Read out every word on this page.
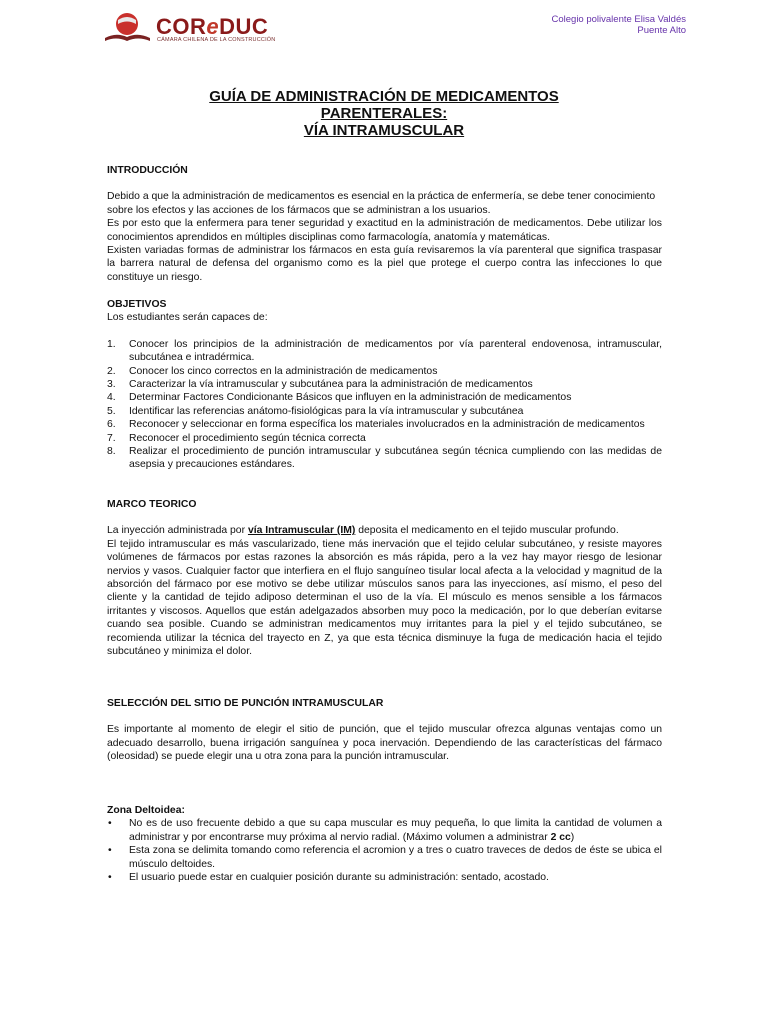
COReDUC
CÁMARA CHILENA DE LA CONSTRUCCIÓN
Colegio polivalente Elisa Valdés
Puente Alto
GUÍA DE ADMINISTRACIÓN DE MEDICAMENTOS
PARENTERALES:
VÍA INTRAMUSCULAR
INTRODUCCIÓN
Debido a que la administración de medicamentos es esencial en la práctica de enfermería, se debe tener conocimiento sobre los efectos y las acciones de los fármacos que se administran a los usuarios.
Es por esto que la enfermera para tener seguridad y exactitud en la administración de medicamentos. Debe utilizar los conocimientos aprendidos en múltiples disciplinas como farmacología, anatomía y matemáticas.
Existen variadas formas de administrar los fármacos en esta guía revisaremos la vía parenteral que significa traspasar la barrera natural de defensa del organismo como es la piel que protege el cuerpo contra las infecciones lo que constituye un riesgo.
OBJETIVOS
Los estudiantes serán capaces de:
1. Conocer los principios de la administración de medicamentos por vía parenteral endovenosa, intramuscular, subcutánea e intradérmica.
2. Conocer los cinco correctos en la administración de medicamentos
3. Caracterizar la vía intramuscular y subcutánea para la administración de medicamentos
4. Determinar Factores Condicionante Básicos que influyen en la administración de medicamentos
5. Identificar las referencias anátomo-fisiológicas para la vía intramuscular y subcutánea
6. Reconocer y seleccionar en forma específica los materiales involucrados en la administración de medicamentos
7. Reconocer el procedimiento según técnica correcta
8. Realizar el procedimiento de punción intramuscular y subcutánea según técnica cumpliendo con las medidas de asepsia y precauciones estándares.
MARCO TEORICO
La inyección administrada por vía Intramuscular (IM) deposita el medicamento en el tejido muscular profundo.
El tejido intramuscular es más vascularizado, tiene más inervación que el tejido celular subcutáneo, y resiste mayores volúmenes de fármacos por estas razones la absorción es más rápida, pero a la vez hay mayor riesgo de lesionar nervios y vasos. Cualquier factor que interfiera en el flujo sanguíneo tisular local afecta a la velocidad y magnitud de la absorción del fármaco por ese motivo se debe utilizar músculos sanos para las inyecciones, así mismo, el peso del cliente y la cantidad de tejido adiposo determinan el uso de la vía. El músculo es menos sensible a los fármacos irritantes y viscosos. Aquellos que están adelgazados absorben muy poco la medicación, por lo que deberían evitarse cuando sea posible. Cuando se administran medicamentos muy irritantes para la piel y el tejido subcutáneo, se recomienda utilizar la técnica del trayecto en Z, ya que esta técnica disminuye la fuga de medicación hacia el tejido subcutáneo y minimiza el dolor.
SELECCIÓN DEL SITIO DE PUNCIÓN INTRAMUSCULAR
Es importante al momento de elegir el sitio de punción, que el tejido muscular ofrezca algunas ventajas como un adecuado desarrollo, buena irrigación sanguínea y poca inervación. Dependiendo de las características del fármaco (oleosidad) se puede elegir una u otra zona para la punción intramuscular.
Zona Deltoidea:
• No es de uso frecuente debido a que su capa muscular es muy pequeña, lo que limita la cantidad de volumen a administrar y por encontrarse muy próxima al nervio radial. (Máximo volumen a administrar 2 cc)
• Esta zona se delimita tomando como referencia el acromion y a tres o cuatro traveces de dedos de éste se ubica el músculo deltoides.
• El usuario puede estar en cualquier posición durante su administración: sentado, acostado.
